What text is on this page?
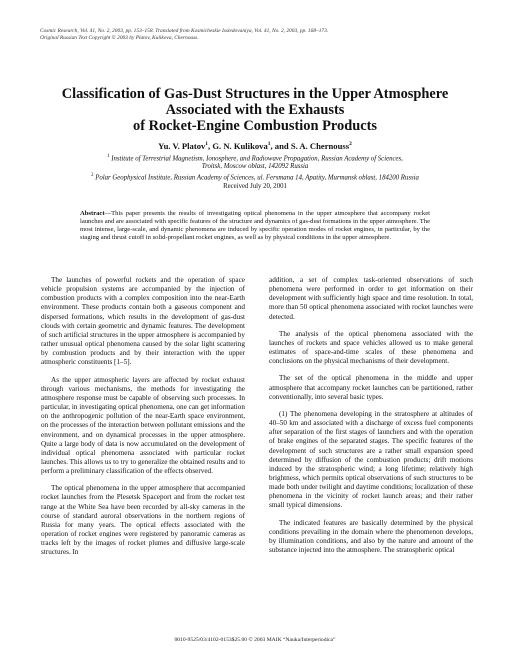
Cosmic Research, Vol. 41, No. 2, 2003, pp. 153–158. Translated from Kosmicheskie Issledovaniya, Vol. 41, No. 2, 2003, pp. 168–173.
Original Russian Text Copyright © 2003 by Platov, Kulikova, Chernouss.
Classification of Gas-Dust Structures in the Upper Atmosphere
Associated with the Exhausts
of Rocket-Engine Combustion Products
Yu. V. Platov$^1$, G. N. Kulikova$^1$, and S. A. Chernouss$^2$
$^1$ Institute of Terrestrial Magnetism, Ionosphere, and Radiowave Propagation, Russian Academy of Sciences,
Troitsk, Moscow oblast, 142092 Russia
$^2$ Polar Geophysical Institute, Russian Academy of Sciences, ul. Fersmana 14, Apatity, Murmansk oblast, 184200 Russia
Received July 20, 2001
Abstract—This paper presents the results of investigating optical phenomena in the upper atmosphere that accompany rocket launches and are associated with specific features of the structure and dynamics of gas-dust formations in the upper atmosphere. The most intense, large-scale, and dynamic phenomena are induced by specific operation modes of rocket engines, in particular, by the staging and thrust cutoff in solid-propellant rocket engines, as well as by physical conditions in the upper atmosphere.

The launches of powerful rockets and the operation of space vehicle propulsion systems are accompanied by the injection of combustion products with a complex composition into the near-Earth environment. These products contain both a gaseous component and dispersed formations, which results in the development of gas-dust clouds with certain geometric and dynamic features. The development of such artificial structures in the upper atmosphere is accompanied by rather unusual optical phenomena caused by the solar light scattering by combustion products and by their interaction with the upper atmospheric constituents [1–5].

As the upper atmospheric layers are affected by rocket exhaust through various mechanisms, the methods for investigating the atmosphere response must be capable of observing such processes. In particular, in investigating optical phenomena, one can get information on the anthropogenic pollution of the near-Earth space environment, on the processes of the interaction between pollutant emissions and the environment, and on dynamical processes in the upper atmosphere. Quite a large body of data is now accumulated on the development of individual optical phenomena associated with particular rocket launches. This allows us to try to generalize the obtained results and to perform a preliminary classification of the effects observed.

The optical phenomena in the upper atmosphere that accompanied rocket launches from the Plesetsk Spaceport and from the rocket test range at the White Sea have been recorded by all-sky cameras in the course of standard auroral observations in the northern regions of Russia for many years. The optical effects associated with the operation of rocket engines were registered by panoramic cameras as tracks left by the images of rocket plumes and diffusive large-scale structures. In

addition, a set of complex task-oriented observations of such phenomena were performed in order to get information on their development with sufficiently high space and time resolution. In total, more than 50 optical phenomena associated with rocket launches were detected.

The analysis of the optical phenomena associated with the launches of rockets and space vehicles allowed us to make general estimates of space-and-time scales of these phenomena and conclusions on the physical mechanisms of their development.

The set of the optical phenomena in the middle and upper atmosphere that accompany rocket launches can be partitioned, rather conventionally, into several basic types.

(1) The phenomena developing in the stratosphere at altitudes of 40–50 km and associated with a discharge of excess fuel components after separation of the first stages of launchers and with the operation of brake engines of the separated stages. The specific features of the development of such structures are a rather small expansion speed determined by diffusion of the combustion products; drift motions induced by the stratospheric wind; a long lifetime; relatively high brightness, which permits optical observations of such structures to be made both under twilight and daytime conditions; localization of these phenomena in the vicinity of rocket launch areas; and their rather small typical dimensions.

The indicated features are basically determined by the physical conditions prevailing in the domain where the phenomenon develops, by illumination conditions, and also by the nature and amount of the substance injected into the atmosphere. The stratospheric optical

0010-9525/03/4102-0153$25.00 © 2003 MAIK “Nauka/Interperiodica”
